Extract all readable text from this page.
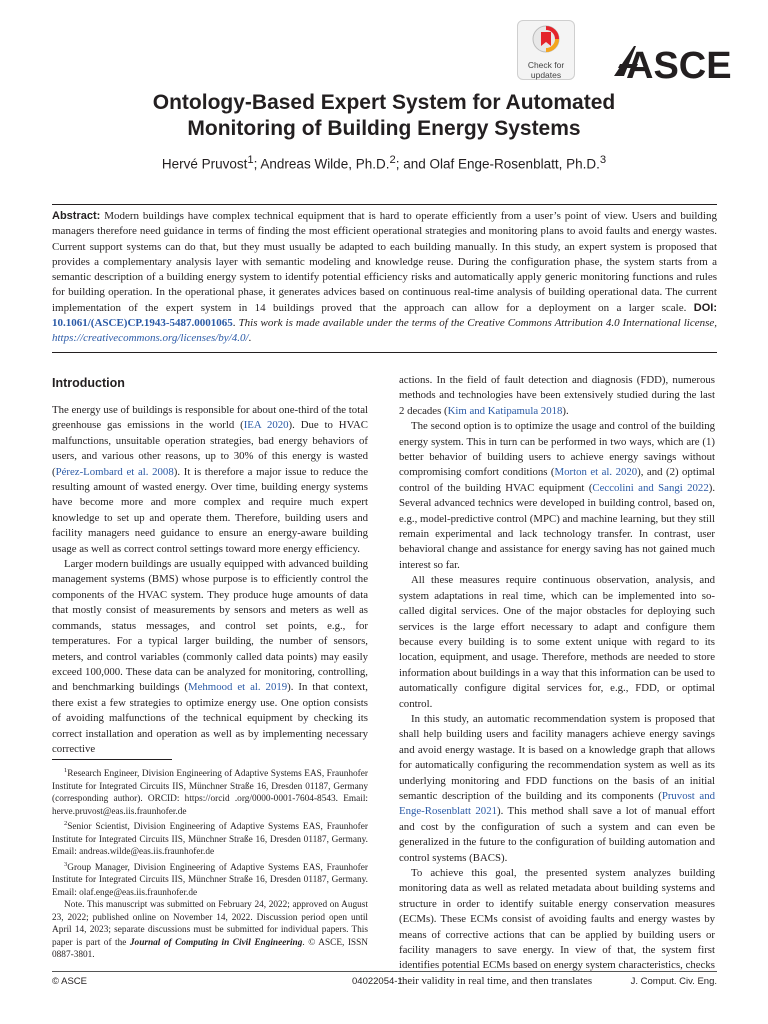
Check for
updates	ASCE
Ontology-Based Expert System for Automated
Monitoring of Building Energy Systems
Hervé Pruvost$^1$; Andreas Wilde, Ph.D.$^2$; and Olaf Enge-Rosenblatt, Ph.D.$^3$
Abstract: Modern buildings have complex technical equipment that is hard to operate efficiently from a user’s point of view. Users and building managers therefore need guidance in terms of finding the most efficient operational strategies and monitoring plans to avoid faults and energy wastes. Current support systems can do that, but they must usually be adapted to each building manually. In this study, an expert system is proposed that provides a complementary analysis layer with semantic modeling and knowledge reuse. During the configuration phase, the system starts from a semantic description of a building energy system to identify potential efficiency risks and automatically apply generic monitoring functions and rules for building operation. In the operational phase, it generates advices based on continuous real-time analysis of building operational data. The current implementation of the expert system in 14 buildings proved that the approach can allow for a deployment on a larger scale. DOI: 10.1061/(ASCE)CP.1943-5487.0001065. This work is made available under the terms of the Creative Commons Attribution 4.0 International license, https://creativecommons.org/licenses/by/4.0/.
Introduction

The energy use of buildings is responsible for about one-third of the total greenhouse gas emissions in the world (IEA 2020). Due to HVAC malfunctions, unsuitable operation strategies, bad energy behaviors of users, and various other reasons, up to 30% of this energy is wasted (Pérez-Lombard et al. 2008). It is therefore a major issue to reduce the resulting amount of wasted energy. Over time, building energy systems have become more and more complex and require much expert knowledge to set up and operate them. Therefore, building users and facility managers need guidance to ensure an energy-aware building usage as well as correct control settings toward more energy efficiency.

Larger modern buildings are usually equipped with advanced building management systems (BMS) whose purpose is to efficiently control the components of the HVAC system. They produce huge amounts of data that mostly consist of measurements by sensors and meters as well as commands, status messages, and control set points, e.g., for temperatures. For a typical larger building, the number of sensors, meters, and control variables (commonly called data points) may easily exceed 100,000. These data can be analyzed for monitoring, controlling, and benchmarking buildings (Mehmood et al. 2019). In that context, there exist a few strategies to optimize energy use. One option consists of avoiding malfunctions of the technical equipment by checking its correct installation and operation as well as by implementing necessary corrective

$^1$Research Engineer, Division Engineering of Adaptive Systems EAS, Fraunhofer Institute for Integrated Circuits IIS, Münchner Straße 16, Dresden 01187, Germany (corresponding author). ORCID: https://orcid .org/0000-0001-7604-8543. Email: herve.pruvost@eas.iis.fraunhofer.de

$^2$Senior Scientist, Division Engineering of Adaptive Systems EAS, Fraunhofer Institute for Integrated Circuits IIS, Münchner Straße 16, Dresden 01187, Germany. Email: andreas.wilde@eas.iis.fraunhofer.de

$^3$Group Manager, Division Engineering of Adaptive Systems EAS, Fraunhofer Institute for Integrated Circuits IIS, Münchner Straße 16, Dresden 01187, Germany. Email: olaf.enge@eas.iis.fraunhofer.de

Note. This manuscript was submitted on February 24, 2022; approved on August 23, 2022; published online on November 14, 2022. Discussion period open until April 14, 2023; separate discussions must be submitted for individual papers. This paper is part of the Journal of Computing in Civil Engineering. © ASCE, ISSN 0887-3801.

actions. In the field of fault detection and diagnosis (FDD), numerous methods and technologies have been extensively studied during the last 2 decades (Kim and Katipamula 2018).

The second option is to optimize the usage and control of the building energy system. This in turn can be performed in two ways, which are (1) better behavior of building users to achieve energy savings without compromising comfort conditions (Morton et al. 2020), and (2) optimal control of the building HVAC equipment (Ceccolini and Sangi 2022). Several advanced technics were developed in building control, based on, e.g., model-predictive control (MPC) and machine learning, but they still remain experimental and lack technology transfer. In contrast, user behavioral change and assistance for energy saving has not gained much interest so far.

All these measures require continuous observation, analysis, and system adaptations in real time, which can be implemented into so-called digital services. One of the major obstacles for deploying such services is the large effort necessary to adapt and configure them because every building is to some extent unique with regard to its location, equipment, and usage. Therefore, methods are needed to store information about buildings in a way that this information can be used to automatically configure digital services for, e.g., FDD, or optimal control.

In this study, an automatic recommendation system is proposed that shall help building users and facility managers achieve energy savings and avoid energy wastage. It is based on a knowledge graph that allows for automatically configuring the recommendation system as well as its underlying monitoring and FDD functions on the basis of an initial semantic description of the building and its components (Pruvost and Enge-Rosenblatt 2021). This method shall save a lot of manual effort and cost by the configuration of such a system and can even be generalized in the future to the configuration of building automation and control systems (BACS).

To achieve this goal, the presented system analyzes building monitoring data as well as related metadata about building systems and structure in order to identify suitable energy conservation measures (ECMs). These ECMs consist of avoiding faults and energy wastes by means of corrective actions that can be applied by building users or facility managers to save energy. In view of that, the system first identifies potential ECMs based on energy system characteristics, checks their validity in real time, and then translates

© ASCE	04022054-1	J. Comput. Civ. Eng.
